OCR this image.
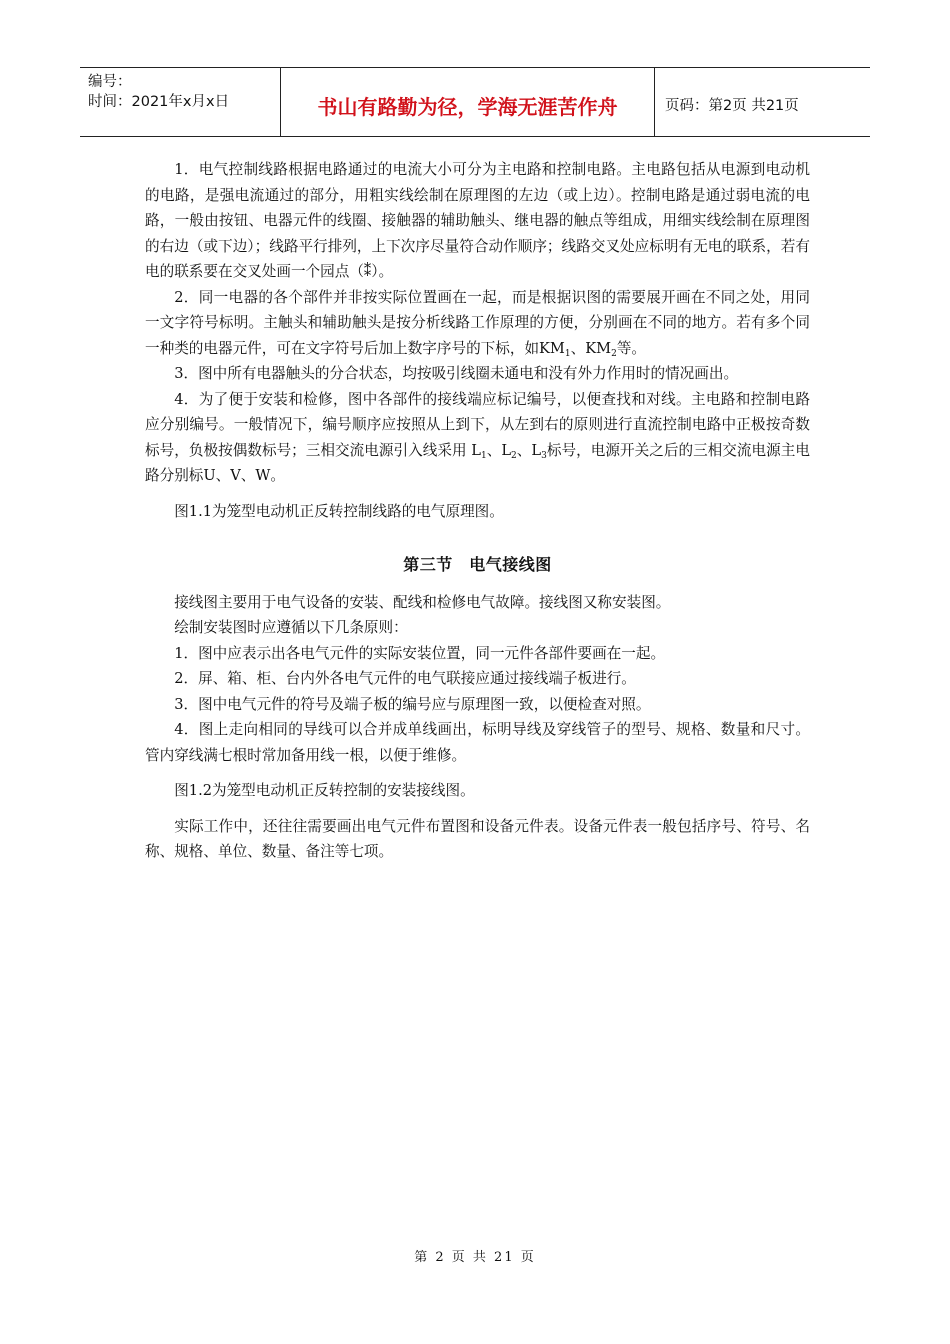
编号：
时间：2021年x月x日	书山有路勤为径，学海无涯苦作舟	页码：第2页 共21页

1．电气控制线路根据电路通过的电流大小可分为主电路和控制电路。主电路包括从电源到电动机的电路，是强电流通过的部分，用粗实线绘制在原理图的左边（或上边）。控制电路是通过弱电流的电路，一般由按钮、电器元件的线圈、接触器的辅助触头、继电器的触点等组成，用细实线绘制在原理图的右边（或下边）；线路平行排列，上下次序尽量符合动作顺序；线路交叉处应标明有无电的联系，若有电的联系要在交叉处画一个园点（⁑）。

2．同一电器的各个部件并非按实际位置画在一起，而是根据识图的需要展开画在不同之处，用同一文字符号标明。主触头和辅助触头是按分析线路工作原理的方便，分别画在不同的地方。若有多个同一种类的电器元件，可在文字符号后加上数字序号的下标，如$KM_1$、$KM_2$等。

3．图中所有电器触头的分合状态，均按吸引线圈未通电和没有外力作用时的情况画出。

4．为了便于安装和检修，图中各部件的接线端应标记编号，以便查找和对线。主电路和控制电路应分别编号。一般情况下，编号顺序应按照从上到下，从左到右的原则进行直流控制电路中正极按奇数标号，负极按偶数标号；三相交流电源引入线采用 $L_1$、$L_2$、$L_3$标号，电源开关之后的三相交流电源主电路分别标U、V、W。

图1.1为笼型电动机正反转控制线路的电气原理图。

第三节　电气接线图

接线图主要用于电气设备的安装、配线和检修电气故障。接线图又称安装图。

绘制安装图时应遵循以下几条原则：

1．图中应表示出各电气元件的实际安装位置，同一元件各部件要画在一起。

2．屏、箱、柜、台内外各电气元件的电气联接应通过接线端子板进行。

3．图中电气元件的符号及端子板的编号应与原理图一致，以便检查对照。

4．图上走向相同的导线可以合并成单线画出，标明导线及穿线管子的型号、规格、数量和尺寸。管内穿线满七根时常加备用线一根，以便于维修。

图1.2为笼型电动机正反转控制的安装接线图。

实际工作中，还往往需要画出电气元件布置图和设备元件表。设备元件表一般包括序号、符号、名称、规格、单位、数量、备注等七项。

第 2 页 共 21 页
